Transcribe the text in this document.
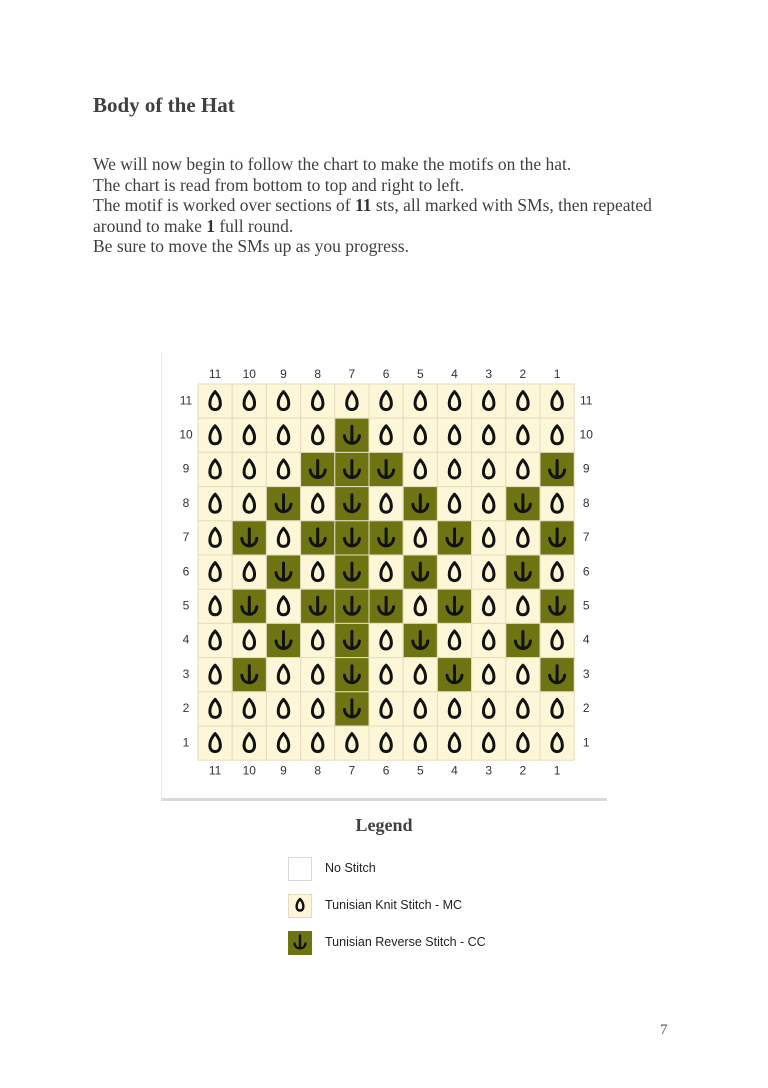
Body of the Hat

We will now begin to follow the chart to make the motifs on the hat.

The chart is read from bottom to top and right to left.

The motif is worked over sections of 11 sts, all marked with SMs, then repeated

around to make 1 full round.

Be sure to move the SMs up as you progress.

11
11
10
10
9
9
8
8
7
7
6
6
5
5
4
4
3
3
2
2
1
1
11	11
10	10
9	9
8	8
7	7
6	6
5	5
4	4
3	3
2	2
1	1
Legend
No Stitch
Tunisian Knit Stitch - MC
Tunisian Reverse Stitch - CC
7
